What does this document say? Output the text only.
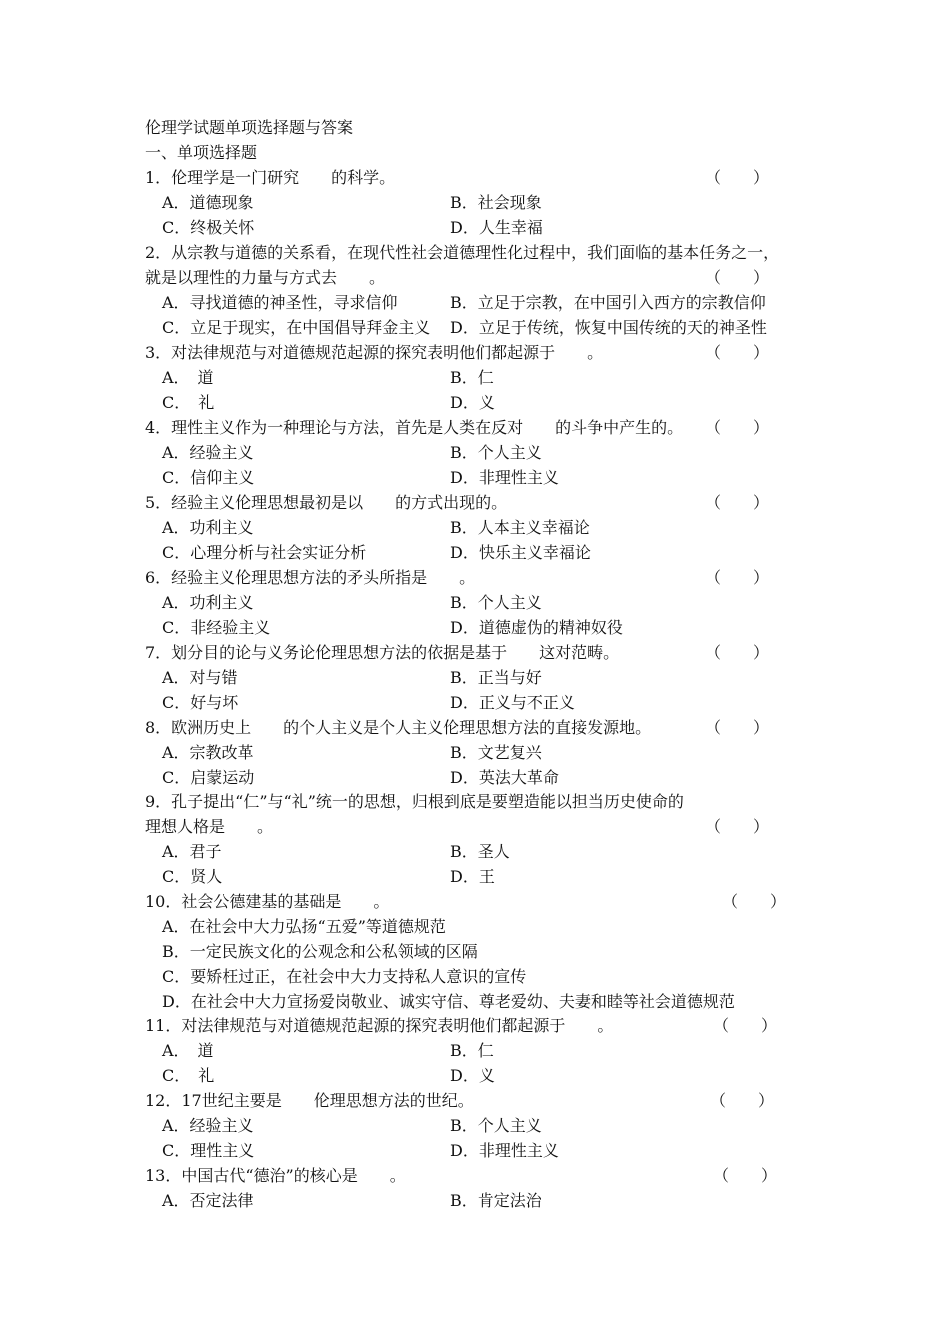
伦理学试题单项选择题与答案
一、单项选择题
1．伦理学是一门研究　　的科学。	（　　）
A．道德现象	B．社会现象
C．终极关怀	D．人生幸福
2．从宗教与道德的关系看，在现代性社会道德理性化过程中，我们面临的基本任务之一，
就是以理性的力量与方式去　　。	（　　）
A．寻找道德的神圣性，寻求信仰	B．立足于宗教，在中国引入西方的宗教信仰
C．立足于现实，在中国倡导拜金主义 D．立足于传统，恢复中国传统的天的神圣性
3．对法律规范与对道德规范起源的探究表明他们都起源于　　。	（　　）
A．　道	B．仁
C．　礼	D．义
4．理性主义作为一种理论与方法，首先是人类在反对　　的斗争中产生的。 （　　）
A．经验主义	B．个人主义
C．信仰主义	D．非理性主义
5．经验主义伦理思想最初是以　　的方式出现的。	（　　）
A．功利主义	B．人本主义幸福论
C．心理分析与社会实证分析	D．快乐主义幸福论
6．经验主义伦理思想方法的矛头所指是　　。	（　　）
A．功利主义	B．个人主义
C．非经验主义	D．道德虚伪的精神奴役
7．划分目的论与义务论伦理思想方法的依据是基于　　这对范畴。	（　　）
A．对与错	B．正当与好
C．好与坏	D．正义与不正义
8．欧洲历史上　　的个人主义是个人主义伦理思想方法的直接发源地。	（　　）
A．宗教改革	B．文艺复兴
C．启蒙运动	D．英法大革命
9．孔子提出“仁”与“礼”统一的思想，归根到底是要塑造能以担当历史使命的
理想人格是　　。	（　　）
A．君子	B．圣人
C．贤人	D．王
10．社会公德建基的基础是　　。	（　　）
A．在社会中大力弘扬“五爱”等道德规范
B．一定民族文化的公观念和公私领域的区隔
C．要矫枉过正，在社会中大力支持私人意识的宣传
D．在社会中大力宣扬爱岗敬业、诚实守信、尊老爱幼、夫妻和睦等社会道德规范
11．对法律规范与对道德规范起源的探究表明他们都起源于　　。	（　　）
A．　道	B．仁
C．　礼	D．义
12．17世纪主要是　　伦理思想方法的世纪。	（　　）
A．经验主义	B．个人主义
C．理性主义	D．非理性主义
13．中国古代“德治”的核心是　　。	（　　）
A．否定法律	B．肯定法治
